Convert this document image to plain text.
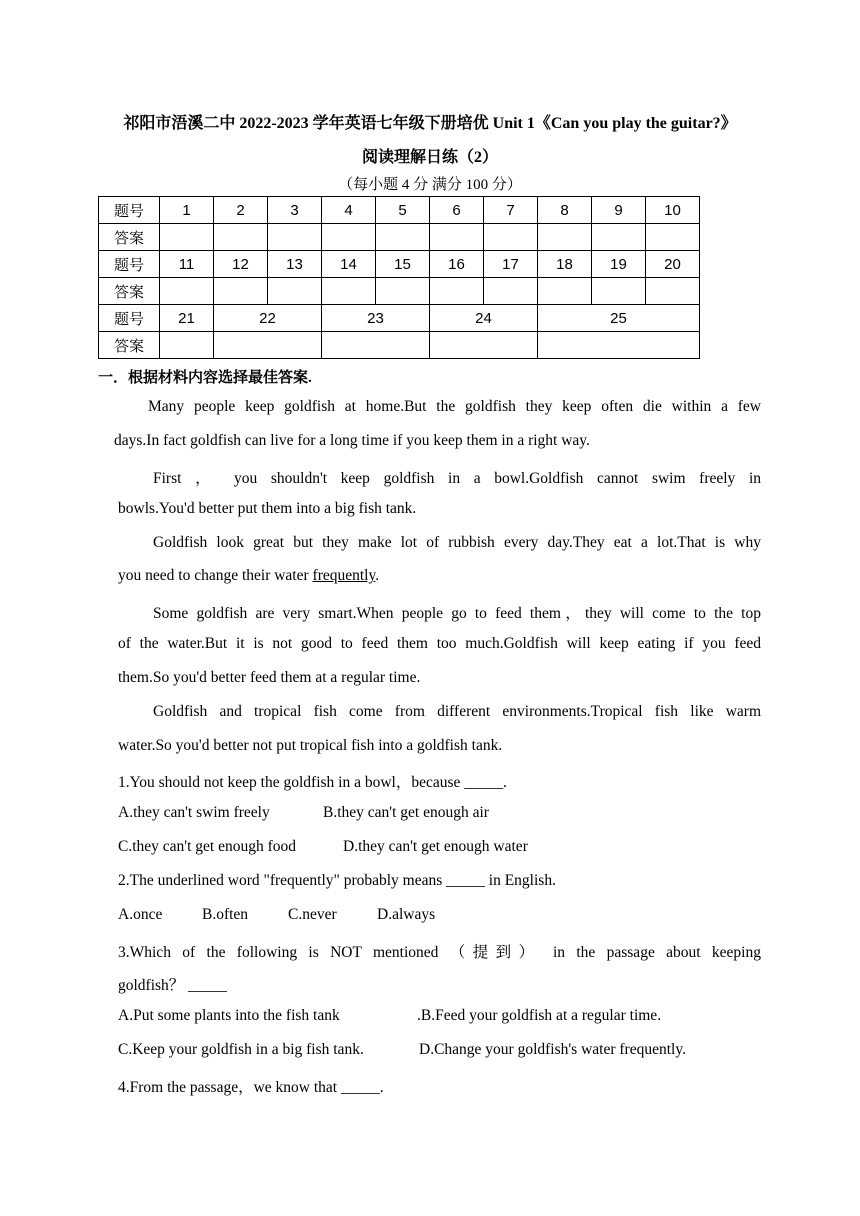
祁阳市浯溪二中 2022-2023 学年英语七年级下册培优 Unit 1《Can you play the guitar?》
阅读理解日练（2）
（每小题 4 分 满分 100 分）
题号	1	2	3	4	5	6	7	8	9	10
答案										
题号	11	12	13	14	15	16	17	18	19	20
答案										
题号	21	22		23		24		25		
答案										
一．根据材料内容选择最佳答案.
Many people keep goldfish at home.But the goldfish they keep often die within a few
days.In fact goldfish can live for a long time if you keep them in a right way.
First ， you shouldn't keep goldfish in a bowl.Goldfish cannot swim freely in
bowls.You'd better put them into a big fish tank.
Goldfish look great but they make lot of rubbish every day.They eat a lot.That is why
you need to change their water frequently.
Some goldfish are very smart.When people go to feed them，they will come to the top
of the water.But it is not good to feed them too much.Goldfish will keep eating if you feed
them.So you'd better feed them at a regular time.
Goldfish and tropical fish come from different environments.Tropical fish like warm
water.So you'd better not put tropical fish into a goldfish tank.
1.You should not keep the goldfish in a bowl，because _____.
A.they can't swim freely	B.they can't get enough air
C.they can't get enough food	D.they can't get enough water
2.The underlined word "frequently" probably means _____ in English.
A.once	B.often	C.never	D.always
3.Which of the following is NOT mentioned （提到） in the passage about keeping
goldfish？ _____
A.Put some plants into the fish tank	.B.Feed your goldfish at a regular time.
C.Keep your goldfish in a big fish tank.	D.Change your goldfish's water frequently.
4.From the passage，we know that _____.
